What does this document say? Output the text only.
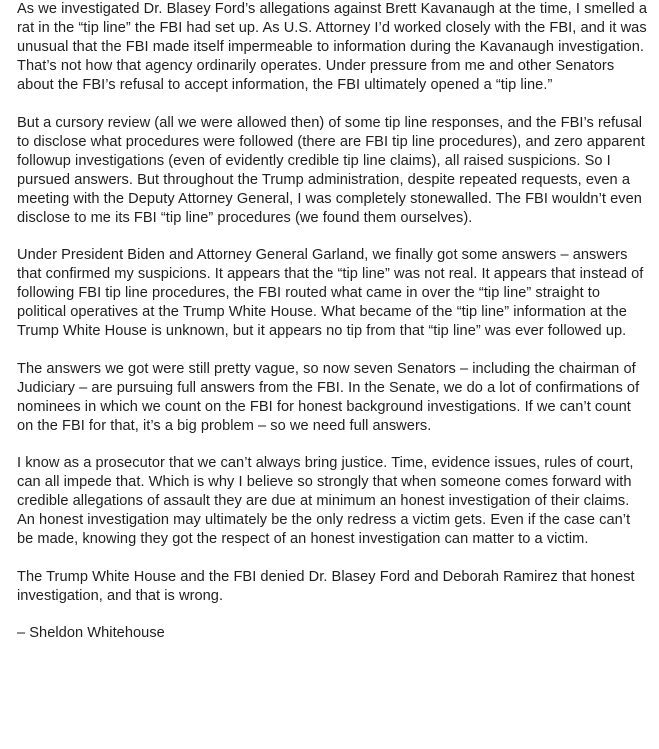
As we investigated Dr. Blasey Ford’s allegations against Brett Kavanaugh at the time, I smelled a rat in the “tip line” the FBI had set up. As U.S. Attorney I’d worked closely with the FBI, and it was unusual that the FBI made itself impermeable to information during the Kavanaugh investigation. That’s not how that agency ordinarily operates. Under pressure from me and other Senators about the FBI’s refusal to accept information, the FBI ultimately opened a “tip line.”

But a cursory review (all we were allowed then) of some tip line responses, and the FBI’s refusal to disclose what procedures were followed (there are FBI tip line procedures), and zero apparent followup investigations (even of evidently credible tip line claims), all raised suspicions. So I pursued answers. But throughout the Trump administration, despite repeated requests, even a meeting with the Deputy Attorney General, I was completely stonewalled. The FBI wouldn’t even disclose to me its FBI “tip line” procedures (we found them ourselves).

Under President Biden and Attorney General Garland, we finally got some answers – answers that confirmed my suspicions. It appears that the “tip line” was not real. It appears that instead of following FBI tip line procedures, the FBI routed what came in over the “tip line” straight to political operatives at the Trump White House. What became of the “tip line” information at the Trump White House is unknown, but it appears no tip from that “tip line” was ever followed up.

The answers we got were still pretty vague, so now seven Senators – including the chairman of Judiciary – are pursuing full answers from the FBI. In the Senate, we do a lot of confirmations of nominees in which we count on the FBI for honest background investigations. If we can’t count on the FBI for that, it’s a big problem – so we need full answers.

I know as a prosecutor that we can’t always bring justice. Time, evidence issues, rules of court, can all impede that. Which is why I believe so strongly that when someone comes forward with credible allegations of assault they are due at minimum an honest investigation of their claims. An honest investigation may ultimately be the only redress a victim gets. Even if the case can’t be made, knowing they got the respect of an honest investigation can matter to a victim.

The Trump White House and the FBI denied Dr. Blasey Ford and Deborah Ramirez that honest investigation, and that is wrong.

– Sheldon Whitehouse
